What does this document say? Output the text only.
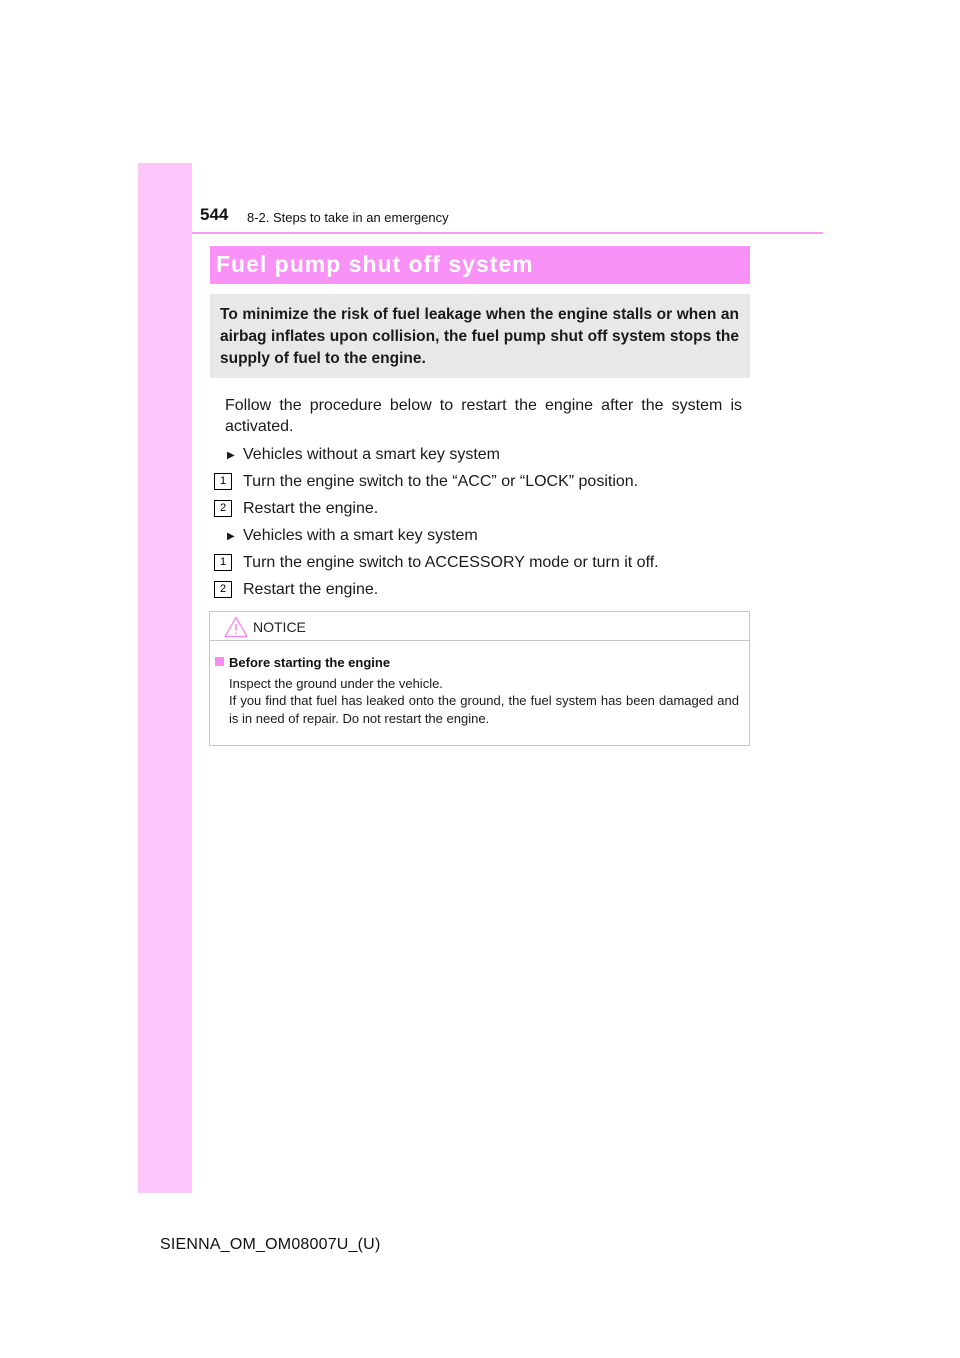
544 8-2. Steps to take in an emergency
Fuel pump shut off system
To minimize the risk of fuel leakage when the engine stalls or when an airbag inflates upon collision, the fuel pump shut off system stops the supply of fuel to the engine.
Follow the procedure below to restart the engine after the system is activated.
▶ Vehicles without a smart key system
1	Turn the engine switch to the “ACC” or “LOCK” position.
2	Restart the engine.
▶ Vehicles with a smart key system
1	Turn the engine switch to ACCESSORY mode or turn it off.
2	Restart the engine.
NOTICE
Before starting the engine
Inspect the ground under the vehicle.
If you find that fuel has leaked onto the ground, the fuel system has been damaged and is in need of repair. Do not restart the engine.
SIENNA_OM_OM08007U_(U)
